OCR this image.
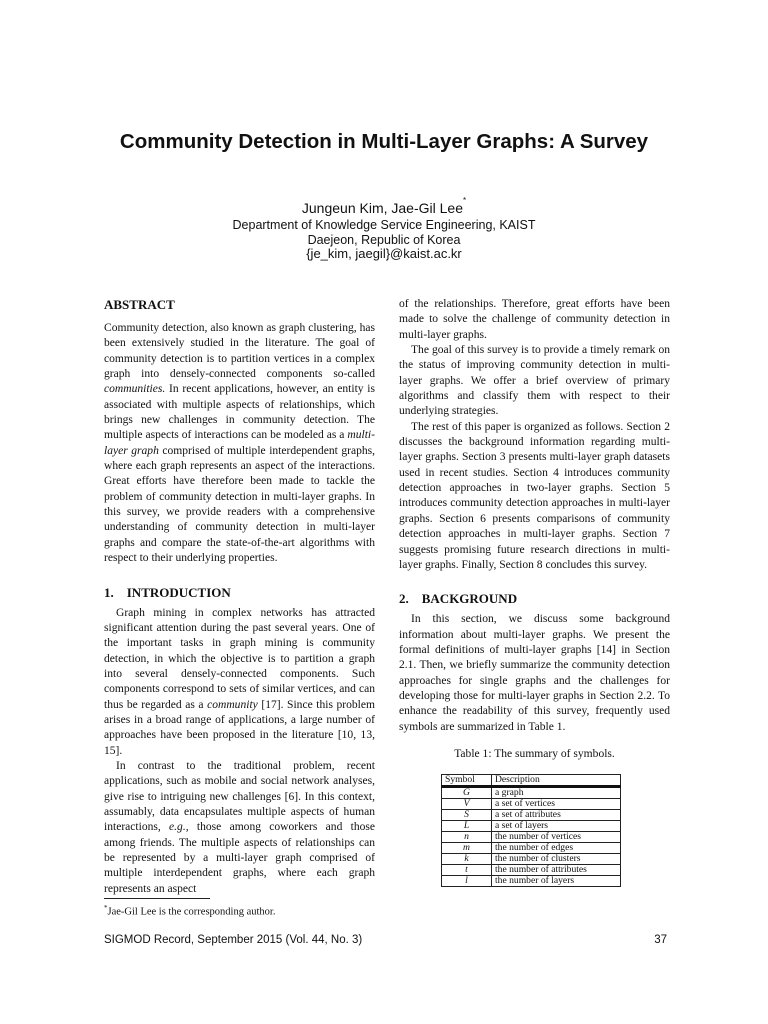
Community Detection in Multi-Layer Graphs: A Survey
Jungeun Kim, Jae-Gil Lee*
Department of Knowledge Service Engineering, KAIST
Daejeon, Republic of Korea
{je_kim, jaegil}@kaist.ac.kr
ABSTRACT

Community detection, also known as graph clustering, has been extensively studied in the literature. The goal of community detection is to partition vertices in a complex graph into densely-connected components so-called communities. In recent applications, however, an entity is associated with multiple aspects of relationships, which brings new challenges in community detection. The multiple aspects of interactions can be modeled as a multi-layer graph comprised of multiple interdependent graphs, where each graph represents an aspect of the interactions. Great efforts have therefore been made to tackle the problem of community detection in multi-layer graphs. In this survey, we provide readers with a comprehensive understanding of community detection in multi-layer graphs and compare the state-of-the-art algorithms with respect to their underlying properties.

1. INTRODUCTION

Graph mining in complex networks has attracted significant attention during the past several years. One of the important tasks in graph mining is community detection, in which the objective is to partition a graph into several densely-connected components. Such components correspond to sets of similar vertices, and can thus be regarded as a community [17]. Since this problem arises in a broad range of applications, a large number of approaches have been proposed in the literature [10, 13, 15].

In contrast to the traditional problem, recent applications, such as mobile and social network analyses, give rise to intriguing new challenges [6]. In this context, assumably, data encapsulates multiple aspects of human interactions, e.g., those among coworkers and those among friends. The multiple aspects of relationships can be represented by a multi-layer graph comprised of multiple interdependent graphs, where each graph represents an aspect

of the relationships. Therefore, great efforts have been made to solve the challenge of community detection in multi-layer graphs.

The goal of this survey is to provide a timely remark on the status of improving community detection in multi-layer graphs. We offer a brief overview of primary algorithms and classify them with respect to their underlying strategies.

The rest of this paper is organized as follows. Section 2 discusses the background information regarding multi-layer graphs. Section 3 presents multi-layer graph datasets used in recent studies. Section 4 introduces community detection approaches in two-layer graphs. Section 5 introduces community detection approaches in multi-layer graphs. Section 6 presents comparisons of community detection approaches in multi-layer graphs. Section 7 suggests promising future research directions in multi-layer graphs. Finally, Section 8 concludes this survey.

2. BACKGROUND

In this section, we discuss some background information about multi-layer graphs. We present the formal definitions of multi-layer graphs [14] in Section 2.1. Then, we briefly summarize the community detection approaches for single graphs and the challenges for developing those for multi-layer graphs in Section 2.2. To enhance the readability of this survey, frequently used symbols are summarized in Table 1.

Table 1: The summary of symbols.
Symbol	Description
G	a graph
V	a set of vertices
S	a set of attributes
L	a set of layers
n	the number of vertices
m	the number of edges
k	the number of clusters
t	the number of attributes
l	the number of layers
*Jae-Gil Lee is the corresponding author.
SIGMOD Record, September 2015 (Vol. 44, No. 3)	37
